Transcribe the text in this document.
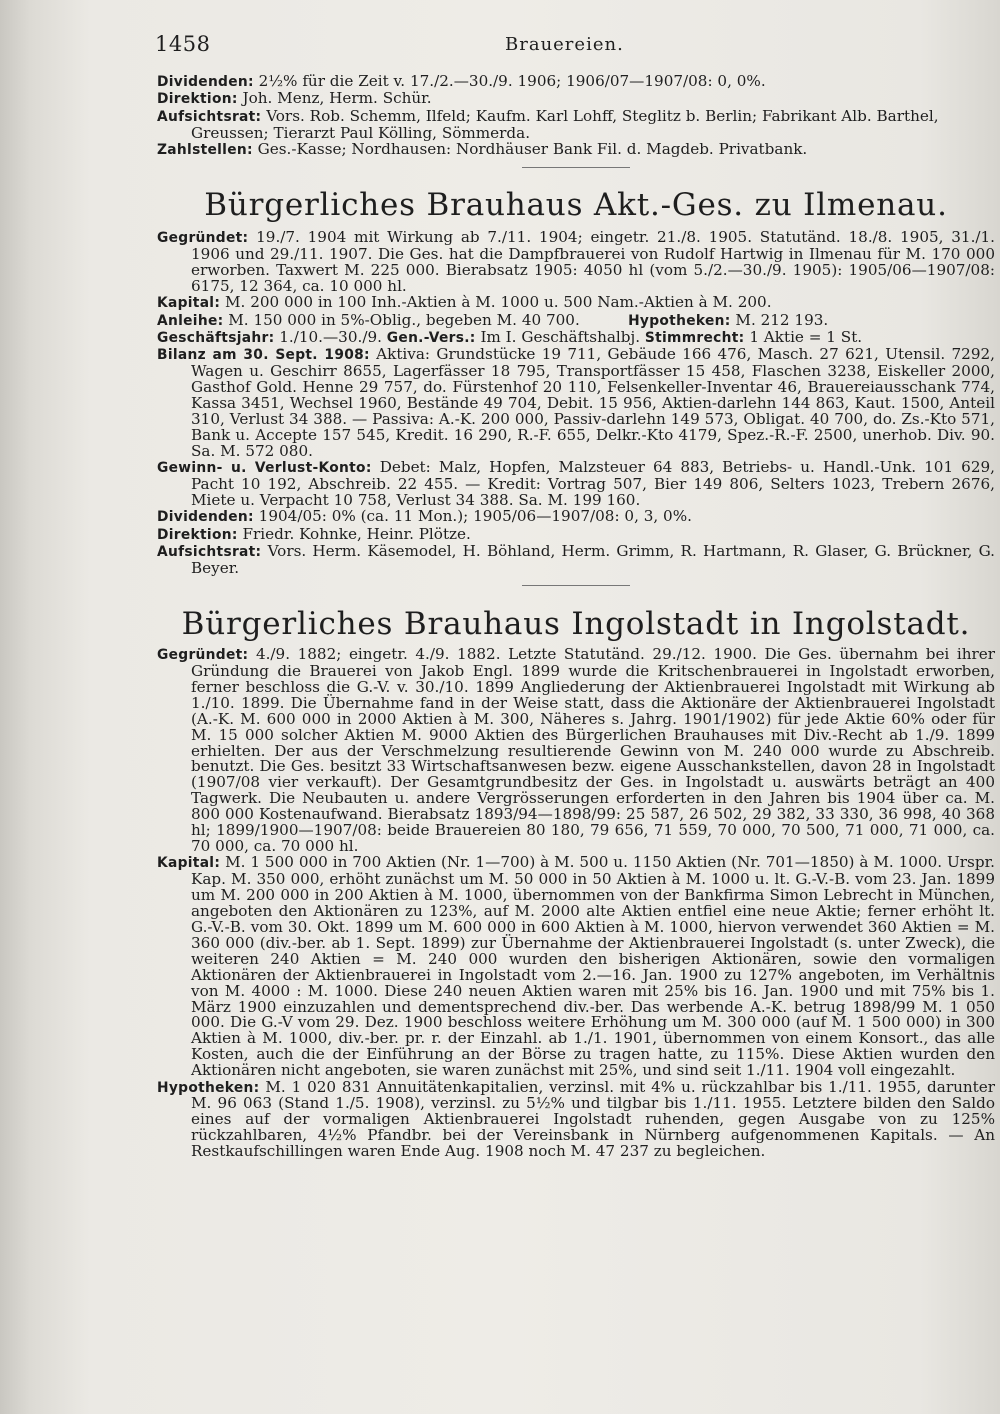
1458	Brauereien.

Dividenden: 2½% für die Zeit v. 17./2.—30./9. 1906; 1906/07—1907/08: 0, 0%.

Direktion: Joh. Menz, Herm. Schür.

Aufsichtsrat: Vors. Rob. Schemm, Ilfeld; Kaufm. Karl Lohff, Steglitz b. Berlin; Fabrikant Alb. Barthel, Greussen; Tierarzt Paul Kölling, Sömmerda.

Zahlstellen: Ges.-Kasse; Nordhausen: Nordhäuser Bank Fil. d. Magdeb. Privatbank.

Bürgerliches Brauhaus Akt.-Ges. zu Ilmenau.

Gegründet: 19./7. 1904 mit Wirkung ab 7./11. 1904; eingetr. 21./8. 1905. Statutänd. 18./8. 1905, 31./1. 1906 und 29./11. 1907. Die Ges. hat die Dampfbrauerei von Rudolf Hartwig in Ilmenau für M. 170 000 erworben. Taxwert M. 225 000. Bierabsatz 1905: 4050 hl (vom 5./2.—30./9. 1905): 1905/06—1907/08: 6175, 12 364, ca. 10 000 hl.

Kapital: M. 200 000 in 100 Inh.-Aktien à M. 1000 u. 500 Nam.-Aktien à M. 200.

Anleihe: M. 150 000 in 5%-Oblig., begeben M. 40 700.	Hypotheken: M. 212 193.

Geschäftsjahr: 1./10.—30./9. Gen.-Vers.: Im I. Geschäftshalbj. Stimmrecht: 1 Aktie = 1 St.

Bilanz am 30. Sept. 1908: Aktiva: Grundstücke 19 711, Gebäude 166 476, Masch. 27 621, Utensil. 7292, Wagen u. Geschirr 8655, Lagerfässer 18 795, Transportfässer 15 458, Flaschen 3238, Eiskeller 2000, Gasthof Gold. Henne 29 757, do. Fürstenhof 20 110, Felsenkeller-Inventar 46, Brauereiausschank 774, Kassa 3451, Wechsel 1960, Bestände 49 704, Debit. 15 956, Aktien-darlehn 144 863, Kaut. 1500, Anteil 310, Verlust 34 388. — Passiva: A.-K. 200 000, Passiv-darlehn 149 573, Obligat. 40 700, do. Zs.-Kto 571, Bank u. Accepte 157 545, Kredit. 16 290, R.-F. 655, Delkr.-Kto 4179, Spez.-R.-F. 2500, unerhob. Div. 90. Sa. M. 572 080.

Gewinn- u. Verlust-Konto: Debet: Malz, Hopfen, Malzsteuer 64 883, Betriebs- u. Handl.-Unk. 101 629, Pacht 10 192, Abschreib. 22 455. — Kredit: Vortrag 507, Bier 149 806, Selters 1023, Trebern 2676, Miete u. Verpacht 10 758, Verlust 34 388. Sa. M. 199 160.

Dividenden: 1904/05: 0% (ca. 11 Mon.); 1905/06—1907/08: 0, 3, 0%.

Direktion: Friedr. Kohnke, Heinr. Plötze.

Aufsichtsrat: Vors. Herm. Käsemodel, H. Böhland, Herm. Grimm, R. Hartmann, R. Glaser, G. Brückner, G. Beyer.

Bürgerliches Brauhaus Ingolstadt in Ingolstadt.

Gegründet: 4./9. 1882; eingetr. 4./9. 1882. Letzte Statutänd. 29./12. 1900. Die Ges. übernahm bei ihrer Gründung die Brauerei von Jakob Engl. 1899 wurde die Kritschenbrauerei in Ingolstadt erworben, ferner beschloss die G.-V. v. 30./10. 1899 Angliederung der Aktienbrauerei Ingolstadt mit Wirkung ab 1./10. 1899. Die Übernahme fand in der Weise statt, dass die Aktionäre der Aktienbrauerei Ingolstadt (A.-K. M. 600 000 in 2000 Aktien à M. 300, Näheres s. Jahrg. 1901/1902) für jede Aktie 60% oder für M. 15 000 solcher Aktien M. 9000 Aktien des Bürgerlichen Brauhauses mit Div.-Recht ab 1./9. 1899 erhielten. Der aus der Verschmelzung resultierende Gewinn von M. 240 000 wurde zu Abschreib. benutzt. Die Ges. besitzt 33 Wirtschaftsanwesen bezw. eigene Ausschankstellen, davon 28 in Ingolstadt (1907/08 vier verkauft). Der Gesamtgrundbesitz der Ges. in Ingolstadt u. auswärts beträgt an 400 Tagwerk. Die Neubauten u. andere Vergrösserungen erforderten in den Jahren bis 1904 über ca. M. 800 000 Kostenaufwand. Bierabsatz 1893/94—1898/99: 25 587, 26 502, 29 382, 33 330, 36 998, 40 368 hl; 1899/1900—1907/08: beide Brauereien 80 180, 79 656, 71 559, 70 000, 70 500, 71 000, 71 000, ca. 70 000, ca. 70 000 hl.

Kapital: M. 1 500 000 in 700 Aktien (Nr. 1—700) à M. 500 u. 1150 Aktien (Nr. 701—1850) à M. 1000. Urspr. Kap. M. 350 000, erhöht zunächst um M. 50 000 in 50 Aktien à M. 1000 u. lt. G.-V.-B. vom 23. Jan. 1899 um M. 200 000 in 200 Aktien à M. 1000, übernommen von der Bankfirma Simon Lebrecht in München, angeboten den Aktionären zu 123%, auf M. 2000 alte Aktien entfiel eine neue Aktie; ferner erhöht lt. G.-V.-B. vom 30. Okt. 1899 um M. 600 000 in 600 Aktien à M. 1000, hiervon verwendet 360 Aktien = M. 360 000 (div.-ber. ab 1. Sept. 1899) zur Übernahme der Aktienbrauerei Ingolstadt (s. unter Zweck), die weiteren 240 Aktien = M. 240 000 wurden den bisherigen Aktionären, sowie den vormaligen Aktionären der Aktienbrauerei in Ingolstadt vom 2.—16. Jan. 1900 zu 127% angeboten, im Verhältnis von M. 4000 : M. 1000. Diese 240 neuen Aktien waren mit 25% bis 16. Jan. 1900 und mit 75% bis 1. März 1900 einzuzahlen und dementsprechend div.-ber. Das werbende A.-K. betrug 1898/99 M. 1 050 000. Die G.-V vom 29. Dez. 1900 beschloss weitere Erhöhung um M. 300 000 (auf M. 1 500 000) in 300 Aktien à M. 1000, div.-ber. pr. r. der Einzahl. ab 1./1. 1901, übernommen von einem Konsort., das alle Kosten, auch die der Einführung an der Börse zu tragen hatte, zu 115%. Diese Aktien wurden den Aktionären nicht angeboten, sie waren zunächst mit 25%, und sind seit 1./11. 1904 voll eingezahlt.

Hypotheken: M. 1 020 831 Annuitätenkapitalien, verzinsl. mit 4% u. rückzahlbar bis 1./11. 1955, darunter M. 96 063 (Stand 1./5. 1908), verzinsl. zu 5½% und tilgbar bis 1./11. 1955. Letztere bilden den Saldo eines auf der vormaligen Aktienbrauerei Ingolstadt ruhenden, gegen Ausgabe von zu 125% rückzahlbaren, 4½% Pfandbr. bei der Vereinsbank in Nürnberg aufgenommenen Kapitals. — An Restkaufschillingen waren Ende Aug. 1908 noch M. 47 237 zu begleichen.
